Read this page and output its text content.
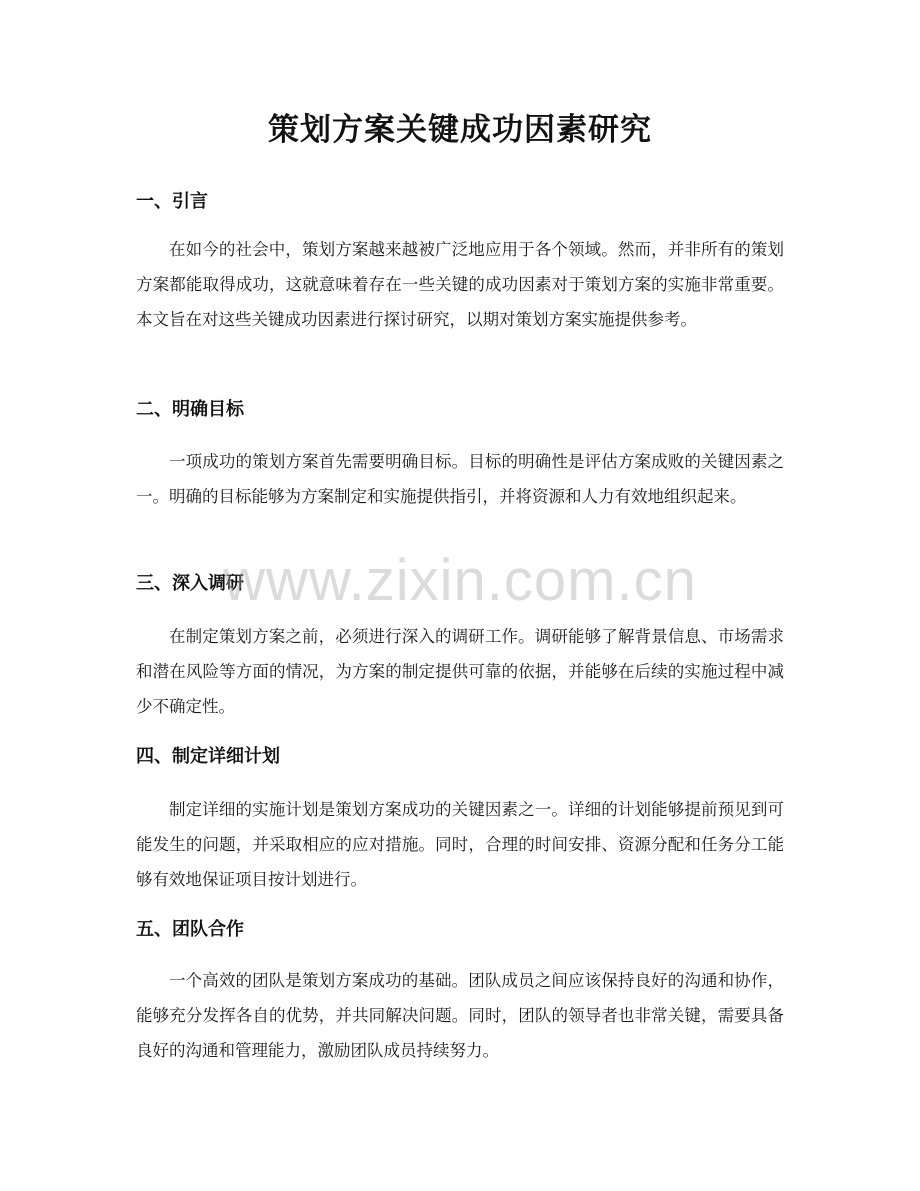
策划方案关键成功因素研究
一、引言

在如今的社会中，策划方案越来越被广泛地应用于各个领域。然而，并非所有的策划方案都能取得成功，这就意味着存在一些关键的成功因素对于策划方案的实施非常重要。本文旨在对这些关键成功因素进行探讨研究，以期对策划方案实施提供参考。

二、明确目标

一项成功的策划方案首先需要明确目标。目标的明确性是评估方案成败的关键因素之一。明确的目标能够为方案制定和实施提供指引，并将资源和人力有效地组织起来。

三、深入调研

在制定策划方案之前，必须进行深入的调研工作。调研能够了解背景信息、市场需求和潜在风险等方面的情况，为方案的制定提供可靠的依据，并能够在后续的实施过程中减少不确定性。

四、制定详细计划

制定详细的实施计划是策划方案成功的关键因素之一。详细的计划能够提前预见到可能发生的问题，并采取相应的应对措施。同时，合理的时间安排、资源分配和任务分工能够有效地保证项目按计划进行。

五、团队合作

一个高效的团队是策划方案成功的基础。团队成员之间应该保持良好的沟通和协作，能够充分发挥各自的优势，并共同解决问题。同时，团队的领导者也非常关键，需要具备良好的沟通和管理能力，激励团队成员持续努力。

www.zixin.com.cn
